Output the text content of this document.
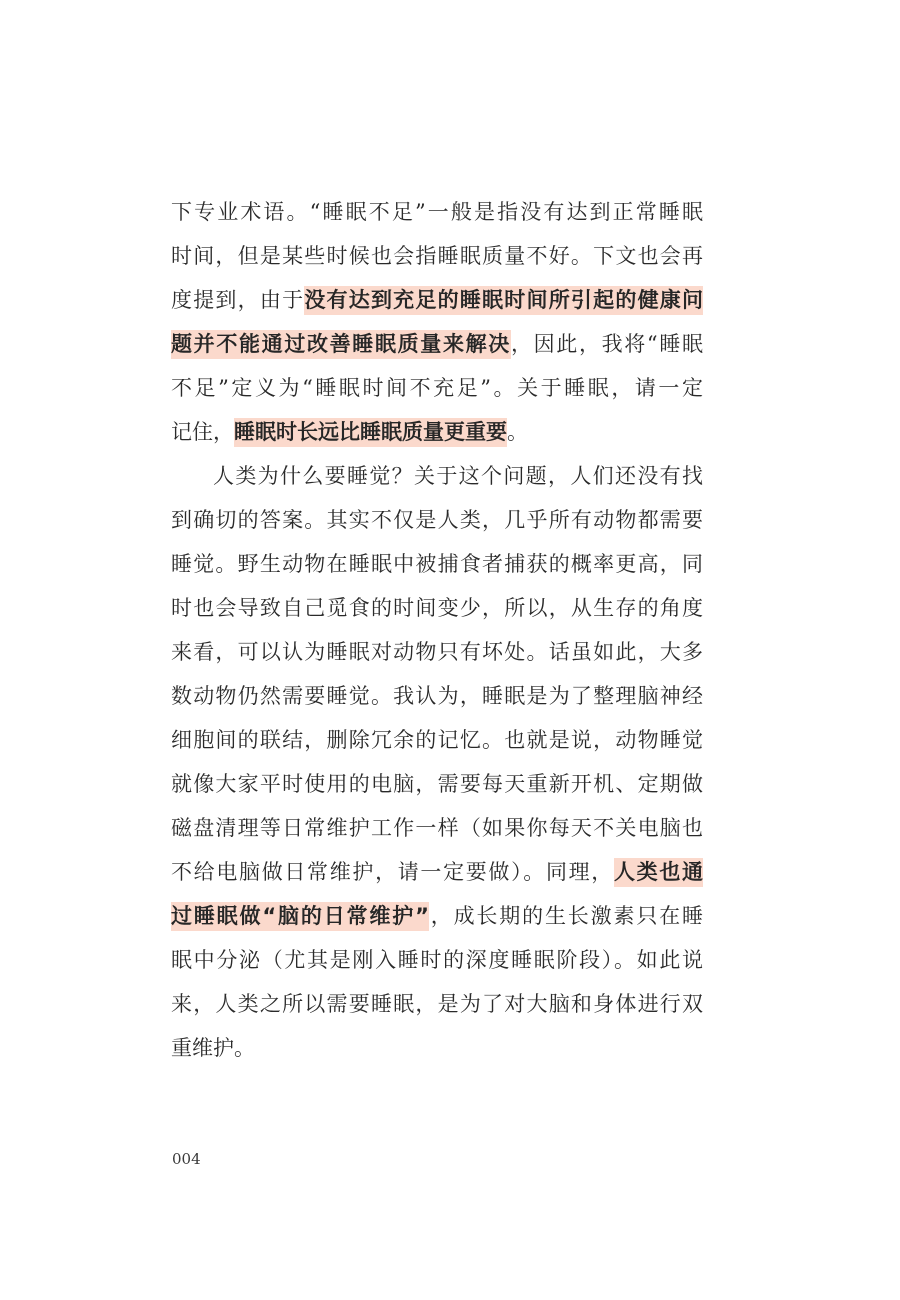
下专业术语。“睡眠不足”一般是指没有达到正常睡眠
时间，但是某些时候也会指睡眠质量不好。下文也会再
度提到，由于没有达到充足的睡眠时间所引起的健康问
题并不能通过改善睡眠质量来解决，因此，我将“睡眠
不足”定义为“睡眠时间不充足”。关于睡眠，请一定
记住，睡眠时长远比睡眠质量更重要。
人类为什么要睡觉？关于这个问题，人们还没有找
到确切的答案。其实不仅是人类，几乎所有动物都需要
睡觉。野生动物在睡眠中被捕食者捕获的概率更高，同
时也会导致自己觅食的时间变少，所以，从生存的角度
来看，可以认为睡眠对动物只有坏处。话虽如此，大多
数动物仍然需要睡觉。我认为，睡眠是为了整理脑神经
细胞间的联结，删除冗余的记忆。也就是说，动物睡觉
就像大家平时使用的电脑，需要每天重新开机、定期做
磁盘清理等日常维护工作一样（如果你每天不关电脑也
不给电脑做日常维护，请一定要做）。同理，人类也通
过睡眠做“脑的日常维护”，成长期的生长激素只在睡
眠中分泌（尤其是刚入睡时的深度睡眠阶段）。如此说
来，人类之所以需要睡眠，是为了对大脑和身体进行双
重维护。
004
